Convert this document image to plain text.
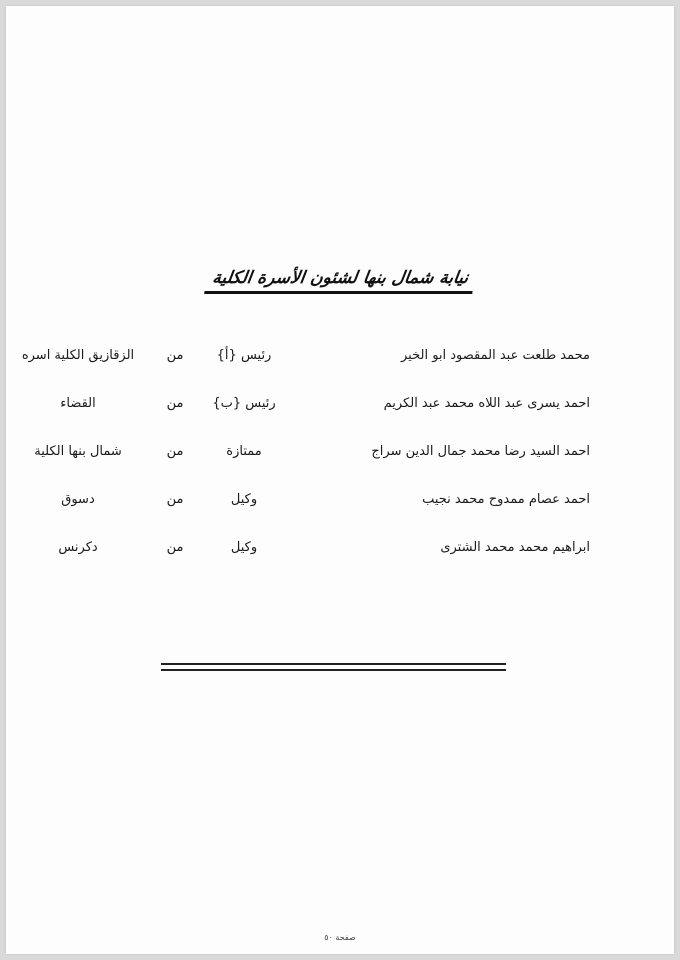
نيابة شمال بنها لشئون الأسرة الكلية
محمد طلعت عبد المقصود ابو الخير
رئيس {أ}
من
الزقازيق الكلية اسره
احمد يسرى عبد اللاه محمد عبد الكريم
رئيس {ب}
من
القضاء
احمد السيد رضا محمد جمال الدين سراج
ممتازة
من
شمال بنها الكلية
احمد عصام ممدوح محمد نجيب
وكيل
من
دسوق
ابراهيم محمد محمد الشترى
وكيل
من
دكرنس
صفحة ٥٠
